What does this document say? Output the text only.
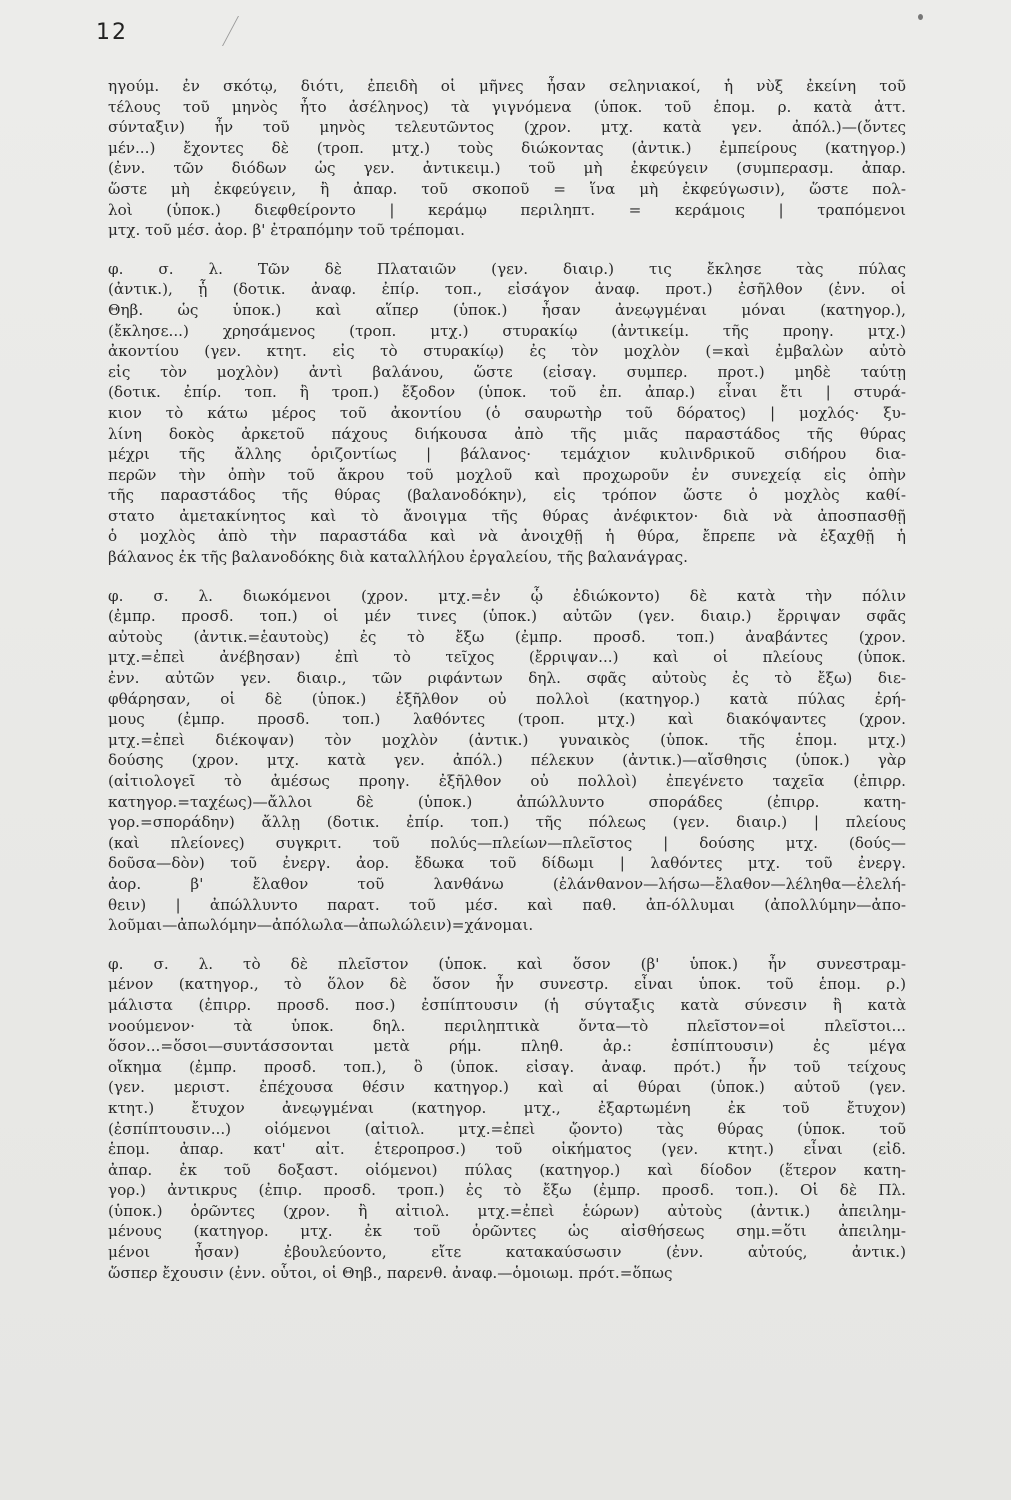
12
ηγούμ. ἐν σκότῳ, διότι, ἐπειδὴ οἱ μῆνες ἦσαν σεληνιακοί, ἡ νὺξ ἐκείνη τοῦ
τέλους τοῦ μηνὸς ἦτο ἀσέληνος) τὰ γιγνόμενα (ὑποκ. τοῦ ἑπομ. ρ. κατὰ ἀττ.
σύνταξιν) ἦν τοῦ μηνὸς τελευτῶντος (χρον. μτχ. κατὰ γεν. ἀπόλ.)—(ὄντες
μέν...) ἔχοντες δὲ (τροπ. μτχ.) τοὺς διώκοντας (ἀντικ.) ἐμπείρους (κατηγορ.)
(ἐνν. τῶν διόδων ὡς γεν. ἀντικειμ.) τοῦ μὴ ἐκφεύγειν (συμπερασμ. ἀπαρ.
ὥστε μὴ ἐκφεύγειν, ἢ ἀπαρ. τοῦ σκοποῦ = ἵνα μὴ ἐκφεύγωσιν), ὥστε πολ-
λοὶ (ὑποκ.) διεφθείροντο | κεράμῳ περιληπτ. = κεράμοις | τραπόμενοι
μτχ. τοῦ μέσ. ἀορ. β' ἐτραπόμην τοῦ τρέπομαι.
φ. σ. λ. Τῶν δὲ Πλαταιῶν (γεν. διαιρ.) τις ἔκλησε τὰς πύλας
(ἀντικ.), ᾗ (δοτικ. ἀναφ. ἐπίρ. τοπ., εἰσάγον ἀναφ. προτ.) ἐσῆλθον (ἐνν. οἱ
Θηβ. ὡς ὑποκ.) καὶ αἵπερ (ὑποκ.) ἦσαν ἀνεῳγμέναι μόναι (κατηγορ.),
(ἔκλησε...) χρησάμενος (τροπ. μτχ.) στυρακίῳ (ἀντικείμ. τῆς προηγ. μτχ.)
ἀκοντίου (γεν. κτητ. εἰς τὸ στυρακίῳ) ἐς τὸν μοχλὸν (=καὶ ἐμβαλὼν αὐτὸ
εἰς τὸν μοχλὸν) ἀντὶ βαλάνου, ὥστε (εἰσαγ. συμπερ. προτ.) μηδὲ ταύτῃ
(δοτικ. ἐπίρ. τοπ. ἢ τροπ.) ἔξοδον (ὑποκ. τοῦ ἐπ. ἀπαρ.) εἶναι ἔτι | στυρά-
κιον τὸ κάτω μέρος τοῦ ἀκοντίου (ὁ σαυρωτὴρ τοῦ δόρατος) | μοχλός· ξυ-
λίνη δοκὸς ἀρκετοῦ πάχους διήκουσα ἀπὸ τῆς μιᾶς παραστάδος τῆς θύρας
μέχρι τῆς ἄλλης ὁριζοντίως | βάλανος· τεμάχιον κυλινδρικοῦ σιδήρου δια-
περῶν τὴν ὀπὴν τοῦ ἄκρου τοῦ μοχλοῦ καὶ προχωροῦν ἐν συνεχείᾳ εἰς ὀπὴν
τῆς παραστάδος τῆς θύρας (βαλανοδόκην), εἰς τρόπον ὥστε ὁ μοχλὸς καθί-
στατο ἀμετακίνητος καὶ τὸ ἄνοιγμα τῆς θύρας ἀνέφικτον· διὰ νὰ ἀποσπασθῇ
ὁ μοχλὸς ἀπὸ τὴν παραστάδα καὶ νὰ ἀνοιχθῇ ἡ θύρα, ἔπρεπε νὰ ἐξαχθῇ ἡ
βάλανος ἐκ τῆς βαλανοδόκης διὰ καταλλήλου ἐργαλείου, τῆς βαλανάγρας.
φ. σ. λ. διωκόμενοι (χρον. μτχ.=ἐν ᾧ ἐδιώκοντο) δὲ κατὰ τὴν πόλιν
(ἐμπρ. προσδ. τοπ.) οἱ μέν τινες (ὑποκ.) αὐτῶν (γεν. διαιρ.) ἔρριψαν σφᾶς
αὐτοὺς (ἀντικ.=ἑαυτοὺς) ἐς τὸ ἔξω (ἐμπρ. προσδ. τοπ.) ἀναβάντες (χρον.
μτχ.=ἐπεὶ ἀνέβησαν) ἐπὶ τὸ τεῖχος (ἔρριψαν...) καὶ οἱ πλείους (ὑποκ.
ἐνν. αὐτῶν γεν. διαιρ., τῶν ριφάντων δηλ. σφᾶς αὐτοὺς ἐς τὸ ἔξω) διε-
φθάρησαν, οἱ δὲ (ὑποκ.) ἐξῆλθον οὐ πολλοὶ (κατηγορ.) κατὰ πύλας ἐρή-
μους (ἐμπρ. προσδ. τοπ.) λαθόντες (τροπ. μτχ.) καὶ διακόψαντες (χρον.
μτχ.=ἐπεὶ διέκοψαν) τὸν μοχλὸν (ἀντικ.) γυναικὸς (ὑποκ. τῆς ἑπομ. μτχ.)
δούσης (χρον. μτχ. κατὰ γεν. ἀπόλ.) πέλεκυν (ἀντικ.)—αἴσθησις (ὑποκ.) γὰρ
(αἰτιολογεῖ τὸ ἀμέσως προηγ. ἐξῆλθον οὐ πολλοὶ) ἐπεγένετο ταχεῖα (ἐπιρρ.
κατηγορ.=ταχέως)—ἄλλοι δὲ (ὑποκ.) ἀπώλλυντο σποράδες (ἐπιρρ. κατη-
γορ.=σποράδην) ἄλλῃ (δοτικ. ἐπίρ. τοπ.) τῆς πόλεως (γεν. διαιρ.) | πλείους
(καὶ πλείονες) συγκριτ. τοῦ πολύς—πλείων—πλεῖστος | δούσης μτχ. (δούς—
δοῦσα—δὸν) τοῦ ἐνεργ. ἀορ. ἔδωκα τοῦ δίδωμι | λαθόντες μτχ. τοῦ ἐνεργ.
ἀορ. β' ἔλαθον τοῦ λανθάνω (ἐλάνθανον—λήσω—ἔλαθον—λέληθα—ἐλελή-
θειν) | ἀπώλλυντο παρατ. τοῦ μέσ. καὶ παθ. ἀπ-όλλυμαι (ἀπολλύμην—ἀπο-
λοῦμαι—ἀπωλόμην—ἀπόλωλα—ἀπωλώλειν)=χάνομαι.
φ. σ. λ. τὸ δὲ πλεῖστον (ὑποκ. καὶ ὅσον (β' ὑποκ.) ἦν συνεστραμ-
μένον (κατηγορ., τὸ ὅλον δὲ ὅσον ἦν συνεστρ. εἶναι ὑποκ. τοῦ ἑπομ. ρ.)
μάλιστα (ἐπιρρ. προσδ. ποσ.) ἐσπίπτουσιν (ἡ σύγταξις κατὰ σύνεσιν ἢ κατὰ
νοούμενον· τὰ ὑποκ. δηλ. περιληπτικὰ ὄντα—τὸ πλεῖστον=οἱ πλεῖστοι...
ὅσον...=ὅσοι—συντάσσονται μετὰ ρήμ. πληθ. ἀρ.: ἐσπίπτουσιν) ἐς μέγα
οἴκημα (ἐμπρ. προσδ. τοπ.), ὃ (ὑποκ. εἰσαγ. ἀναφ. πρότ.) ἦν τοῦ τείχους
(γεν. μεριστ. ἐπέχουσα θέσιν κατηγορ.) καὶ αἱ θύραι (ὑποκ.) αὐτοῦ (γεν.
κτητ.) ἔτυχον ἀνεῳγμέναι (κατηγορ. μτχ., ἐξαρτωμένη ἐκ τοῦ ἔτυχον)
(ἐσπίπτουσιν...) οἰόμενοι (αἰτιολ. μτχ.=ἐπεὶ ᾤοντο) τὰς θύρας (ὑποκ. τοῦ
ἑπομ. ἀπαρ. κατ' αἰτ. ἑτεροπροσ.) τοῦ οἰκήματος (γεν. κτητ.) εἶναι (εἰδ.
ἀπαρ. ἐκ τοῦ δοξαστ. οἰόμενοι) πύλας (κατηγορ.) καὶ δίοδον (ἕτερον κατη-
γορ.) ἀντικρυς (ἐπιρ. προσδ. τροπ.) ἐς τὸ ἔξω (ἐμπρ. προσδ. τοπ.). Οἱ δὲ Πλ.
(ὑποκ.) ὁρῶντες (χρον. ἢ αἰτιολ. μτχ.=ἐπεὶ ἑώρων) αὐτοὺς (ἀντικ.) ἀπειλημ-
μένους (κατηγορ. μτχ. ἐκ τοῦ ὁρῶντες ὡς αἰσθήσεως σημ.=ὅτι ἀπειλημ-
μένοι ἦσαν) ἐβουλεύοντο, εἴτε κατακαύσωσιν (ἐνν. αὐτούς, ἀντικ.)
ὥσπερ ἔχουσιν (ἐνν. οὗτοι, οἱ Θηβ., παρενθ. ἀναφ.—ὁμοιωμ. πρότ.=ὅπως
